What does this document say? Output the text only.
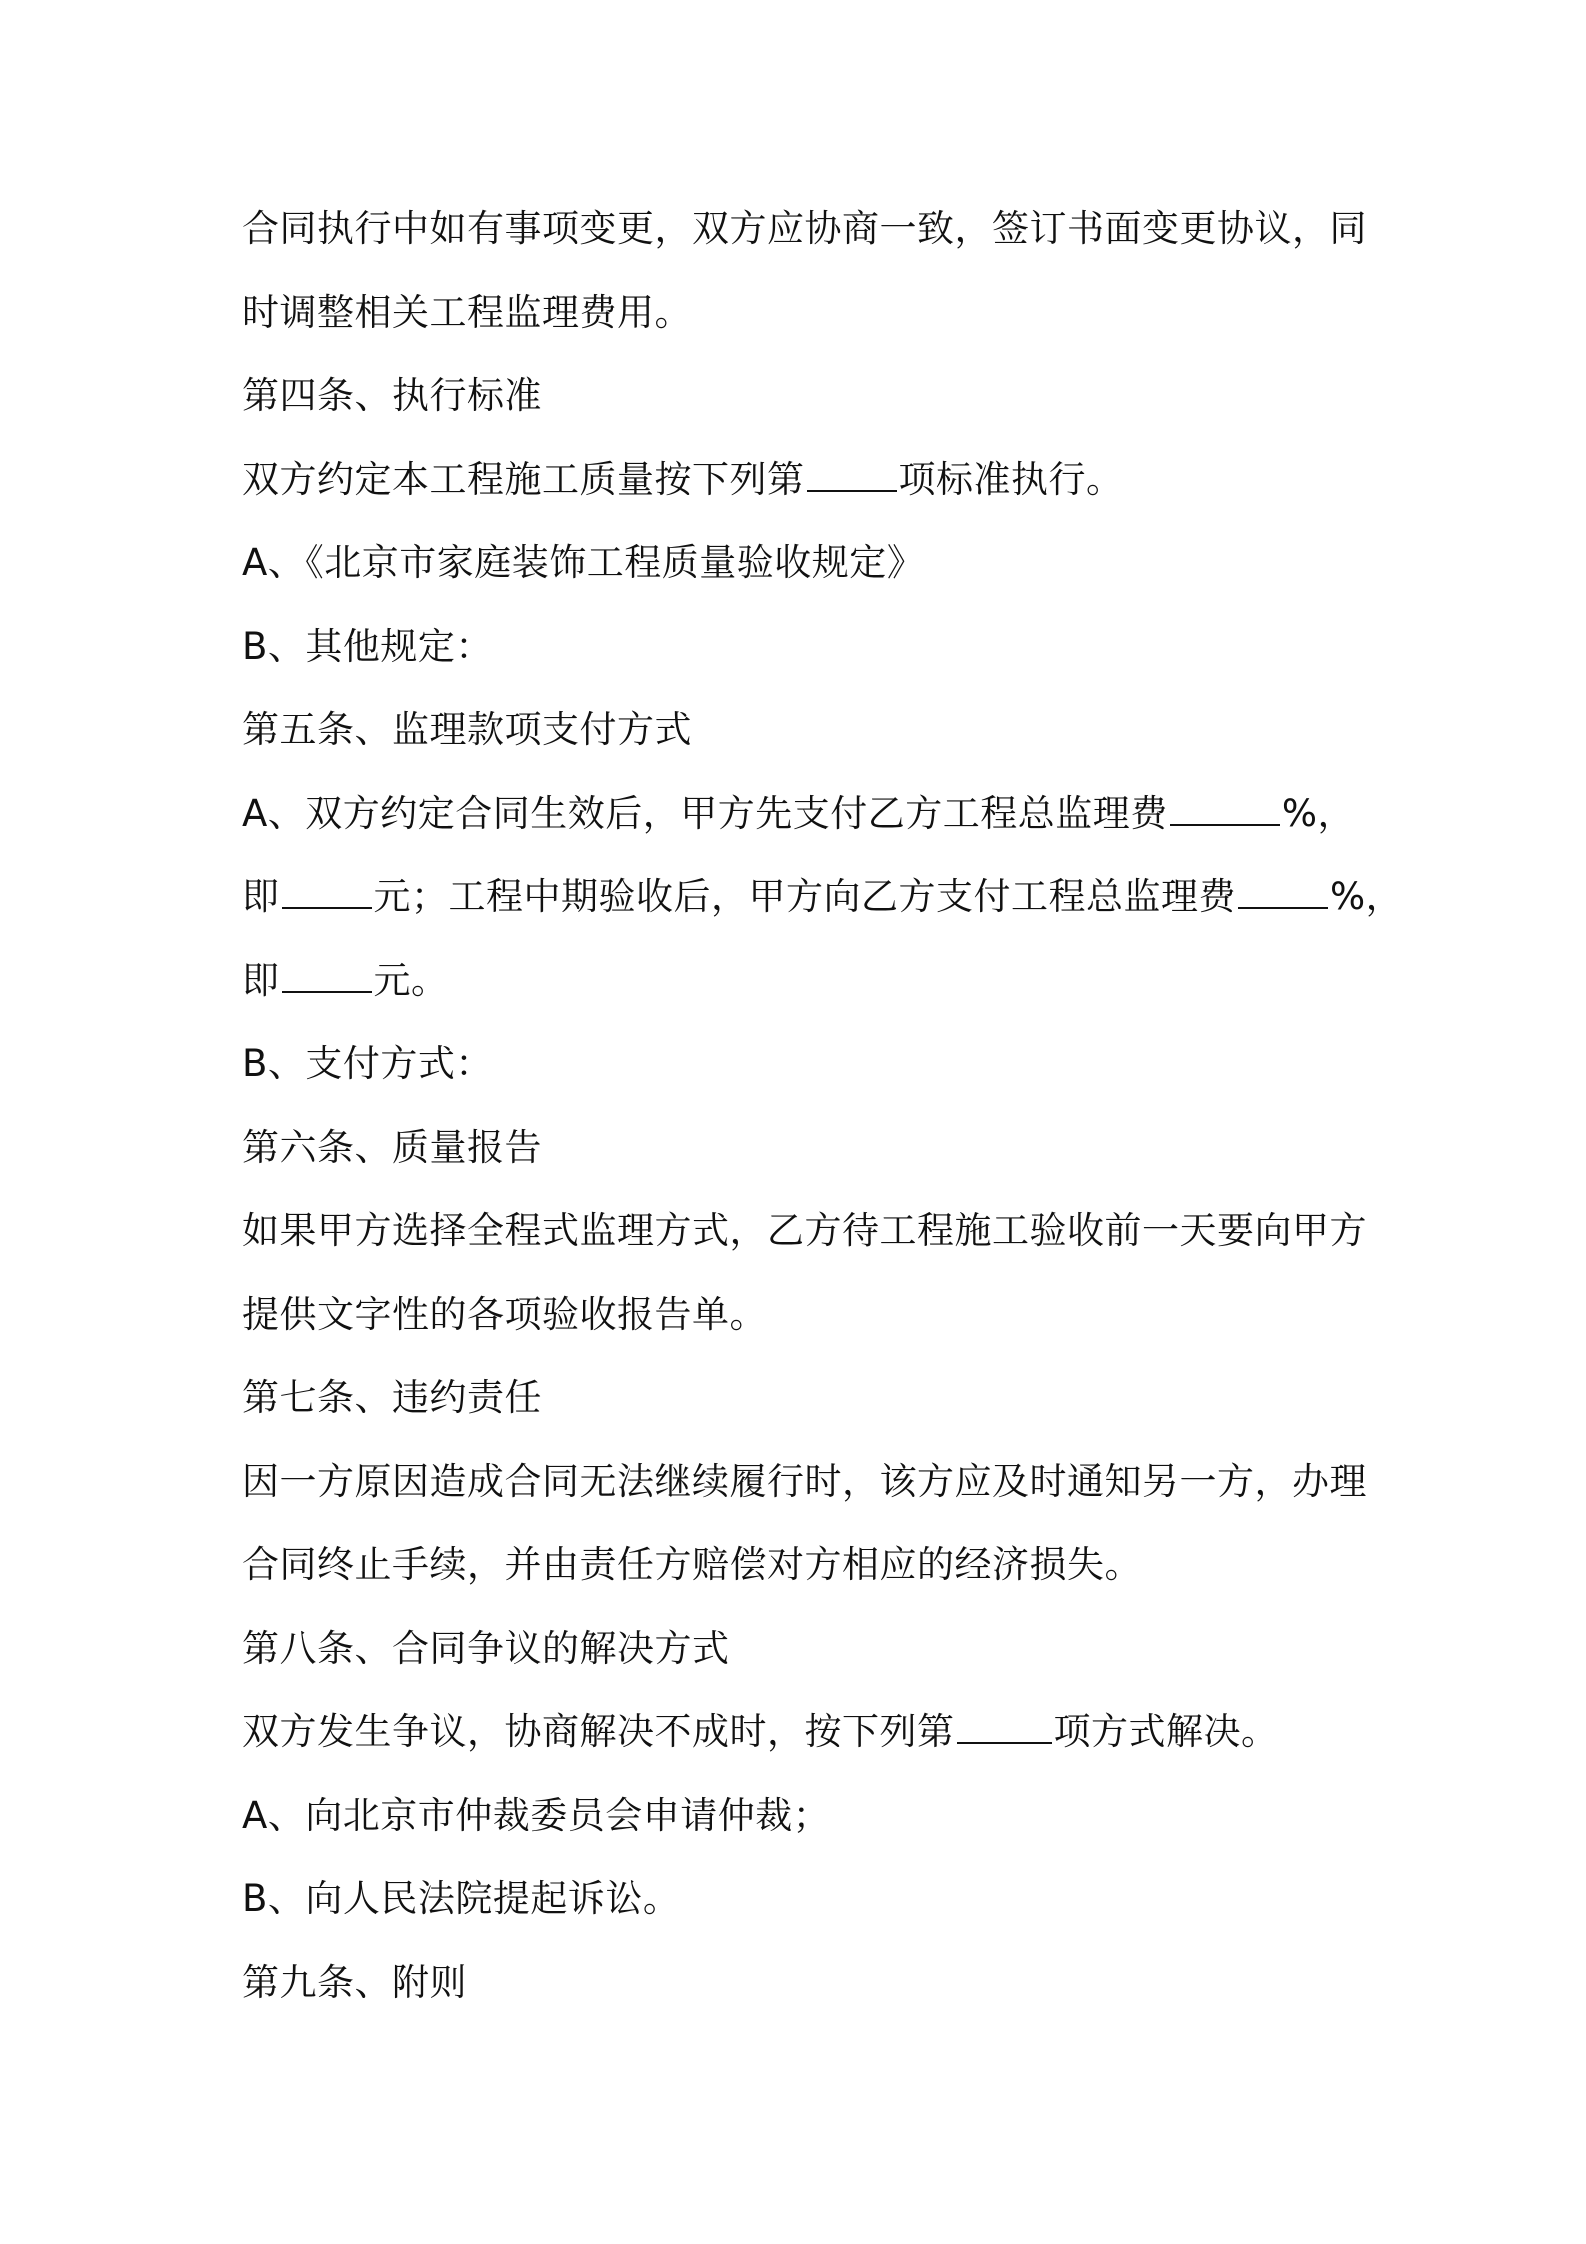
合同执行中如有事项变更，双方应协商一致，签订书面变更协议，同
时调整相关工程监理费用。
第四条、执行标准
双方约定本工程施工质量按下列第	项标准执行。
A、《北京市家庭装饰工程质量验收规定》
B、其他规定：
第五条、监理款项支付方式
A、双方约定合同生效后，甲方先支付乙方工程总监理费	%，
即	元；工程中期验收后，甲方向乙方支付工程总监理费	%，
即	元。
B、支付方式：
第六条、质量报告
如果甲方选择全程式监理方式，乙方待工程施工验收前一天要向甲方
提供文字性的各项验收报告单。
第七条、违约责任
因一方原因造成合同无法继续履行时，该方应及时通知另一方，办理
合同终止手续，并由责任方赔偿对方相应的经济损失。
第八条、合同争议的解决方式
双方发生争议，协商解决不成时，按下列第	项方式解决。
A、向北京市仲裁委员会申请仲裁；
B、向人民法院提起诉讼。
第九条、附则
